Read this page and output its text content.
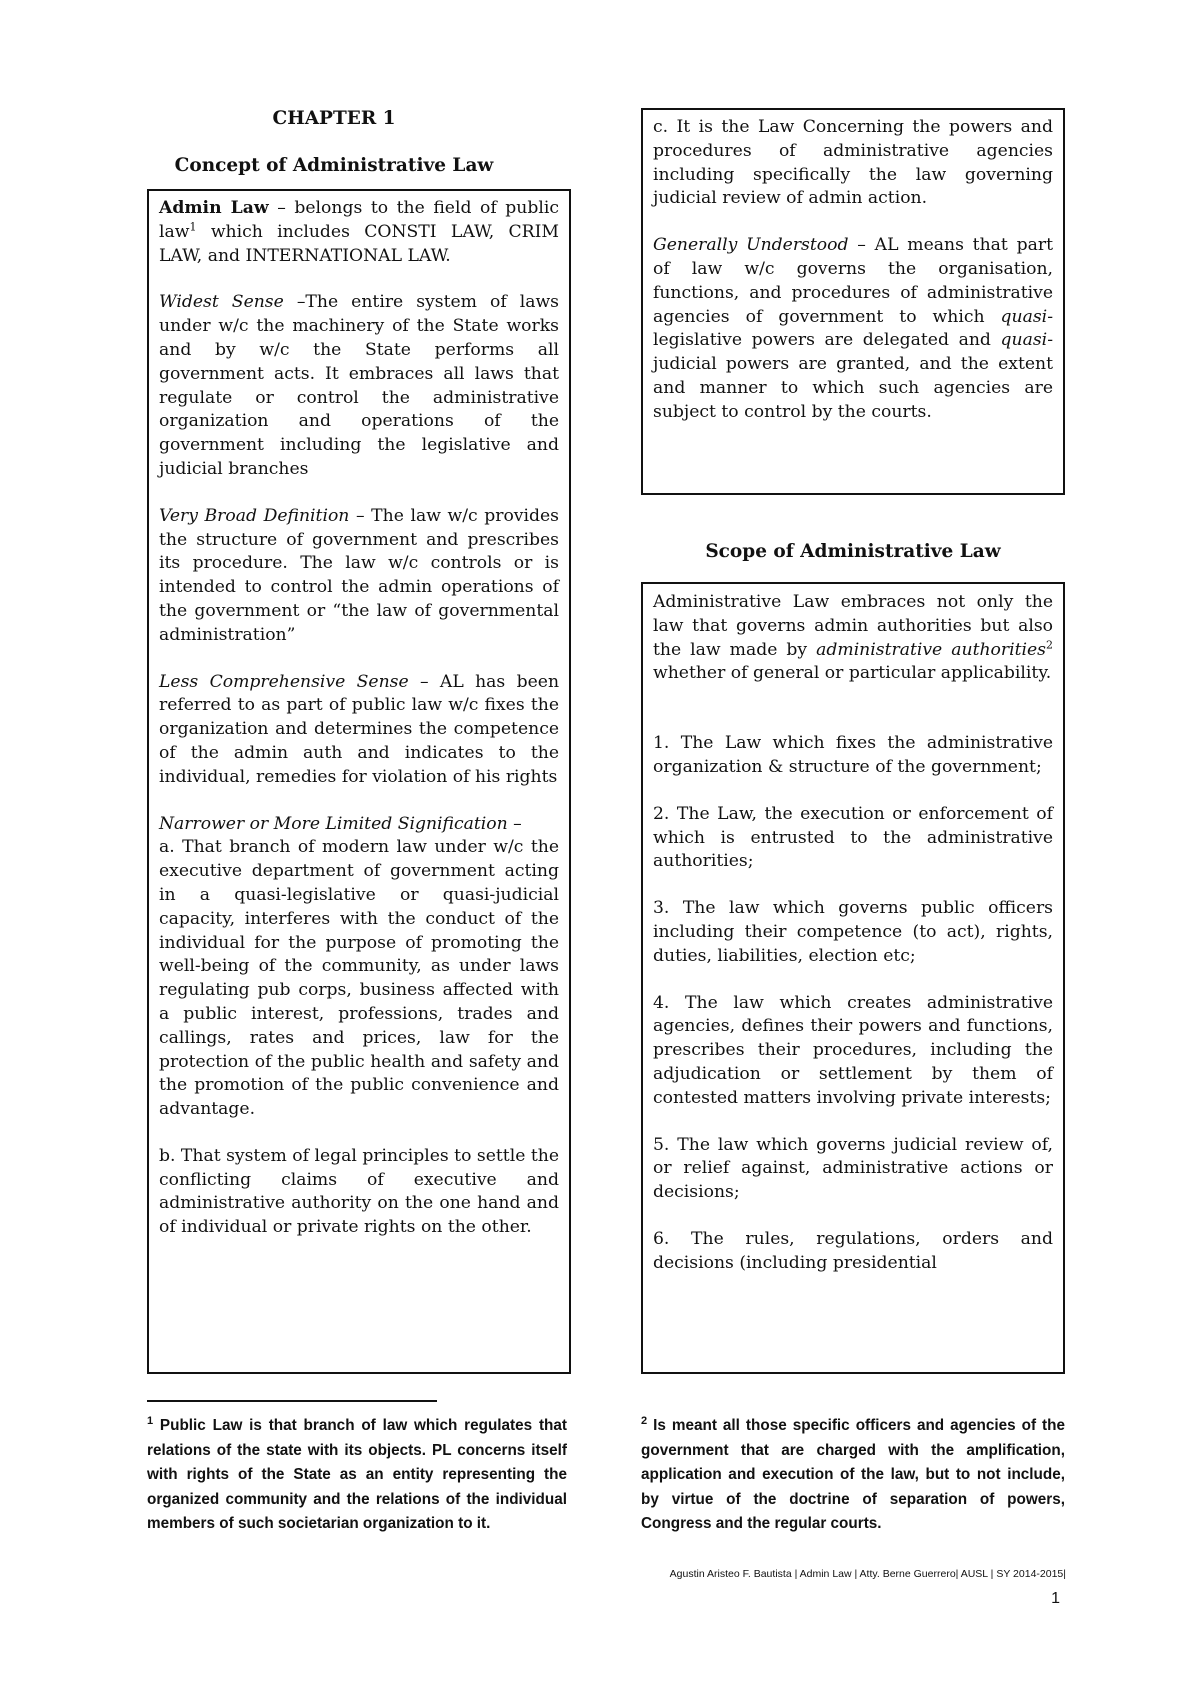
CHAPTER 1
Concept of Administrative Law

Admin Law – belongs to the field of public law$^1$ which includes CONSTI LAW, CRIM LAW, and INTERNATIONAL LAW.

Widest Sense –The entire system of laws under w/c the machinery of the State works and by w/c the State performs all government acts. It embraces all laws that regulate or control the administrative organization and operations of the government including the legislative and judicial branches

Very Broad Definition – The law w/c provides the structure of government and prescribes its procedure. The law w/c controls or is intended to control the admin operations of the government or “the law of governmental administration”

Less Comprehensive Sense – AL has been referred to as part of public law w/c fixes the organization and determines the competence of the admin auth and indicates to the individual, remedies for violation of his rights

Narrower or More Limited Signification –
a. That branch of modern law under w/c the executive department of government acting in a quasi-legislative or quasi-judicial capacity, interferes with the conduct of the individual for the purpose of promoting the well-being of the community, as under laws regulating pub corps, business affected with a public interest, professions, trades and callings, rates and prices, law for the protection of the public health and safety and the promotion of the public convenience and advantage.

b. That system of legal principles to settle the conflicting claims of executive and administrative authority on the one hand and of individual or private rights on the other.

c. It is the Law Concerning the powers and procedures of administrative agencies including specifically the law governing judicial review of admin action.

Generally Understood – AL means that part of law w/c governs the organisation, functions, and procedures of administrative agencies of government to which quasi-legislative powers are delegated and quasi-judicial powers are granted, and the extent and manner to which such agencies are subject to control by the courts.

Scope of Administrative Law

Administrative Law embraces not only the law that governs admin authorities but also the law made by administrative authorities$^2$ whether of general or particular applicability.

1. The Law which fixes the administrative organization & structure of the government;

2. The Law, the execution or enforcement of which is entrusted to the administrative authorities;

3. The law which governs public officers including their competence (to act), rights, duties, liabilities, election etc;

4. The law which creates administrative agencies, defines their powers and functions, prescribes their procedures, including the adjudication or settlement by them of contested matters involving private interests;

5. The law which governs judicial review of, or relief against, administrative actions or decisions;

6. The rules, regulations, orders and decisions (including presidential

$^1$ Public Law is that branch of law which regulates that relations of the state with its objects. PL concerns itself with rights of the State as an entity representing the organized community and the relations of the individual members of such societarian organization to it.
$^2$ Is meant all those specific officers and agencies of the government that are charged with the amplification, application and execution of the law, but to not include, by virtue of the doctrine of separation of powers, Congress and the regular courts.
Agustin Aristeo F. Bautista | Admin Law | Atty. Berne Guerrero| AUSL | SY 2014-2015|
1
